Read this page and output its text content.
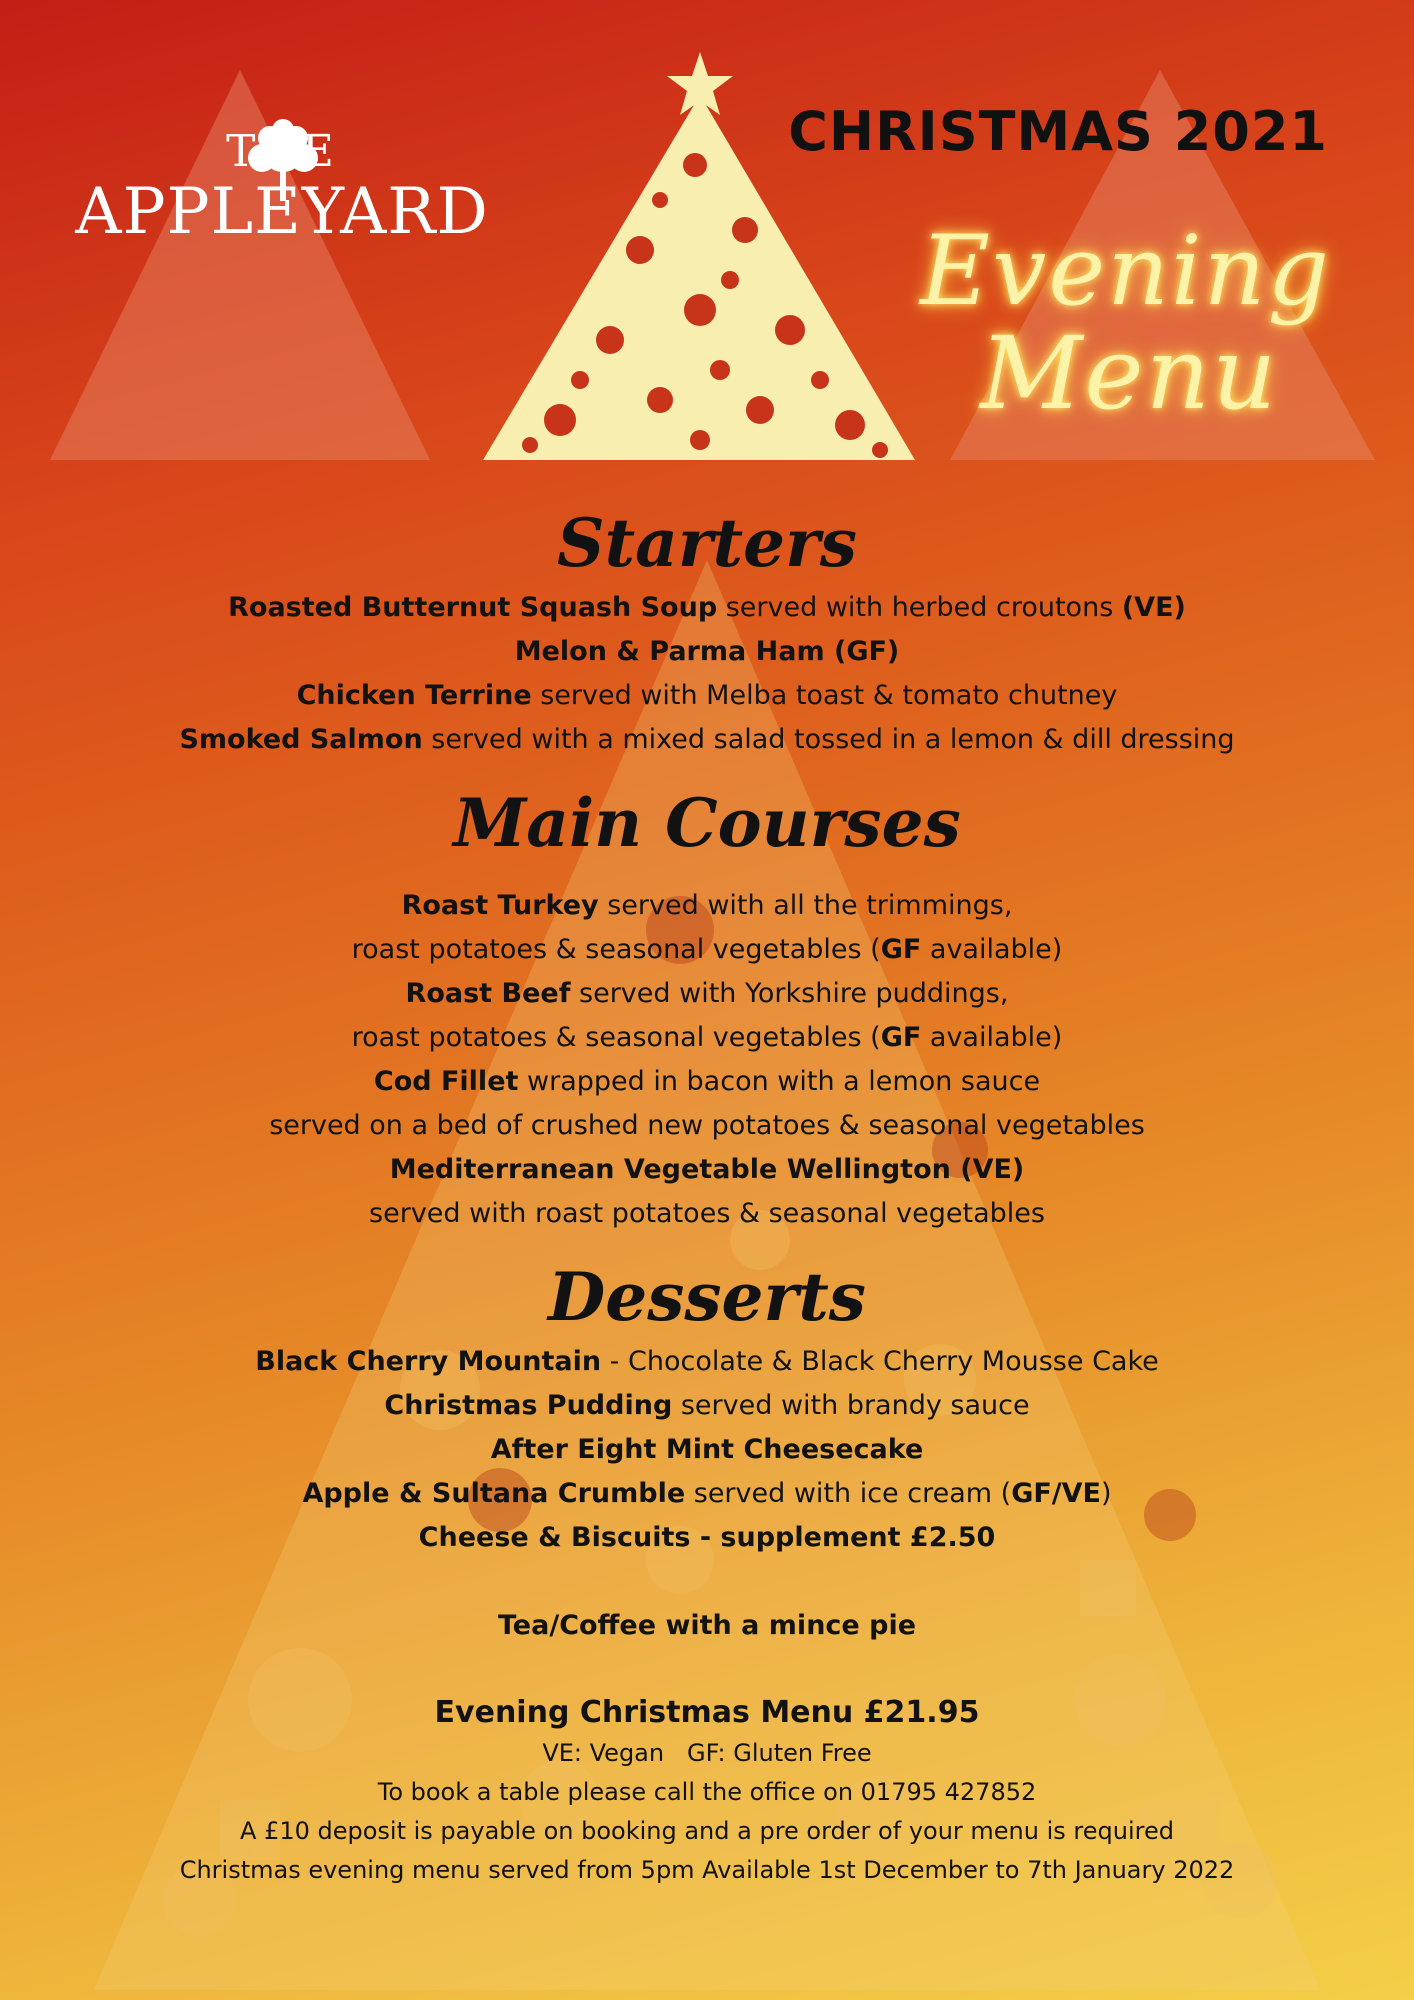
THE
APPLEYARD
CHRISTMAS 2021
Evening
Menu
Starters
Roasted Butternut Squash Soup served with herbed croutons (VE)
Melon & Parma Ham (GF)
Chicken Terrine served with Melba toast & tomato chutney
Smoked Salmon served with a mixed salad tossed in a lemon & dill dressing
Main Courses
Roast Turkey served with all the trimmings,
roast potatoes & seasonal vegetables (GF available)
Roast Beef served with Yorkshire puddings,
roast potatoes & seasonal vegetables (GF available)
Cod Fillet wrapped in bacon with a lemon sauce
served on a bed of crushed new potatoes & seasonal vegetables
Mediterranean Vegetable Wellington (VE)
served with roast potatoes & seasonal vegetables
Desserts
Black Cherry Mountain - Chocolate & Black Cherry Mousse Cake
Christmas Pudding served with brandy sauce
After Eight Mint Cheesecake
Apple & Sultana Crumble served with ice cream (GF/VE)
Cheese & Biscuits - supplement £2.50
Tea/Coffee with a mince pie
Evening Christmas Menu £21.95
VE: Vegan   GF: Gluten Free
To book a table please call the office on 01795 427852
A £10 deposit is payable on booking and a pre order of your menu is required
Christmas evening menu served from 5pm Available 1st December to 7th January 2022
